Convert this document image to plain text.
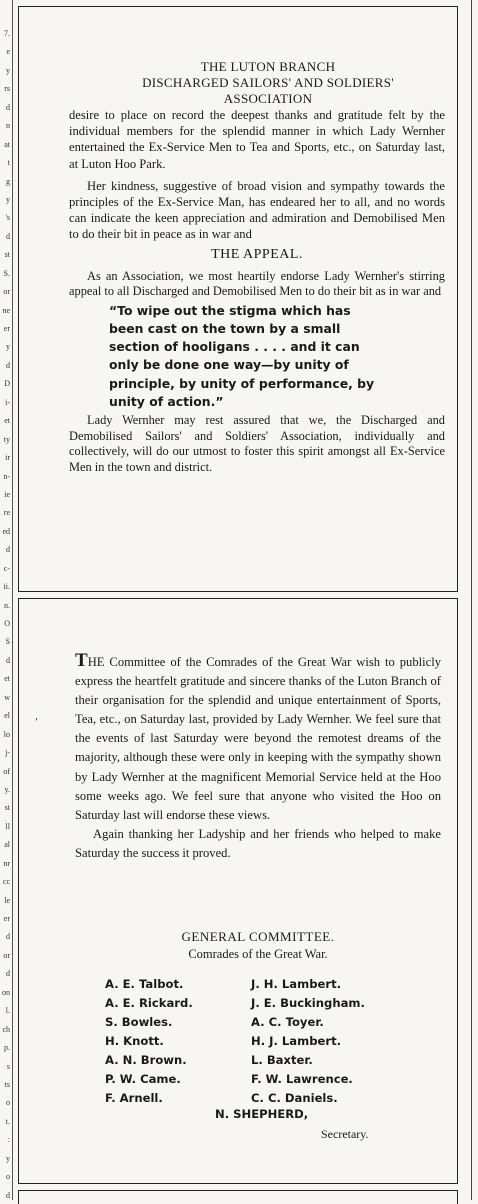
7.
e
y
rs
d
n
at
t
g
y
's
d
st
S.
or
ne
er
y
d
D
i-
et
ty
ir
n-
ie
re
ed
d
c-
ii.
n.
O
S
d
et
w
el
lo
j-
of
y.
st
ll
al
nr
cc
le
er
d
or
d
on
l.
ch
p.
s
ts
o
t.
:
y
o
d

THE LUTON BRANCH

DISCHARGED SAILORS' AND SOLDIERS'

ASSOCIATION

desire to place on record the deepest thanks and gratitude felt by the individual members for the splendid manner in which Lady Wernher entertained the Ex-Service Men to Tea and Sports, etc., on Saturday last, at Luton Hoo Park.

Her kindness, suggestive of broad vision and sympathy towards the principles of the Ex-Service Man, has endeared her to all, and no words can indicate the keen appreciation and admiration and Demobilised Men to do their bit in peace as in war and

THE APPEAL.

As an Association, we most heartily endorse Lady Wernher's stirring appeal to all Discharged and Demobilised Men to do their bit as in war and

“To wipe out the stigma which has been cast on the town by a small section of hooligans . . . . and it can only be done one way—by unity of principle, by unity of performance, by unity of action.”

Lady Wernher may rest assured that we, the Discharged and Demobilised Sailors' and Soldiers' Association, individually and collectively, will do our utmost to foster this spirit amongst all Ex-Service Men in the town and district.

,

THE Committee of the Comrades of the Great War wish to publicly express the heartfelt gratitude and sincere thanks of the Luton Branch of their organisation for the splendid and unique entertainment of Sports, Tea, etc., on Saturday last, provided by Lady Wernher. We feel sure that the events of last Saturday were beyond the remotest dreams of the majority, although these were only in keeping with the sympathy shown by Lady Wernher at the magnificent Memorial Service held at the Hoo some weeks ago. We feel sure that anyone who visited the Hoo on Saturday last will endorse these views.

Again thanking her Ladyship and her friends who helped to make Saturday the success it proved.

GENERAL COMMITTEE.

Comrades of the Great War.

A. E. Talbot.
A. E. Rickard.
S. Bowles.
H. Knott.
A. N. Brown.
P. W. Came.
F. Arnell.
J. H. Lambert.
J. E. Buckingham.
A. C. Toyer.
H. J. Lambert.
L. Baxter.
F. W. Lawrence.
C. C. Daniels.
N. SHEPHERD,
Secretary.
